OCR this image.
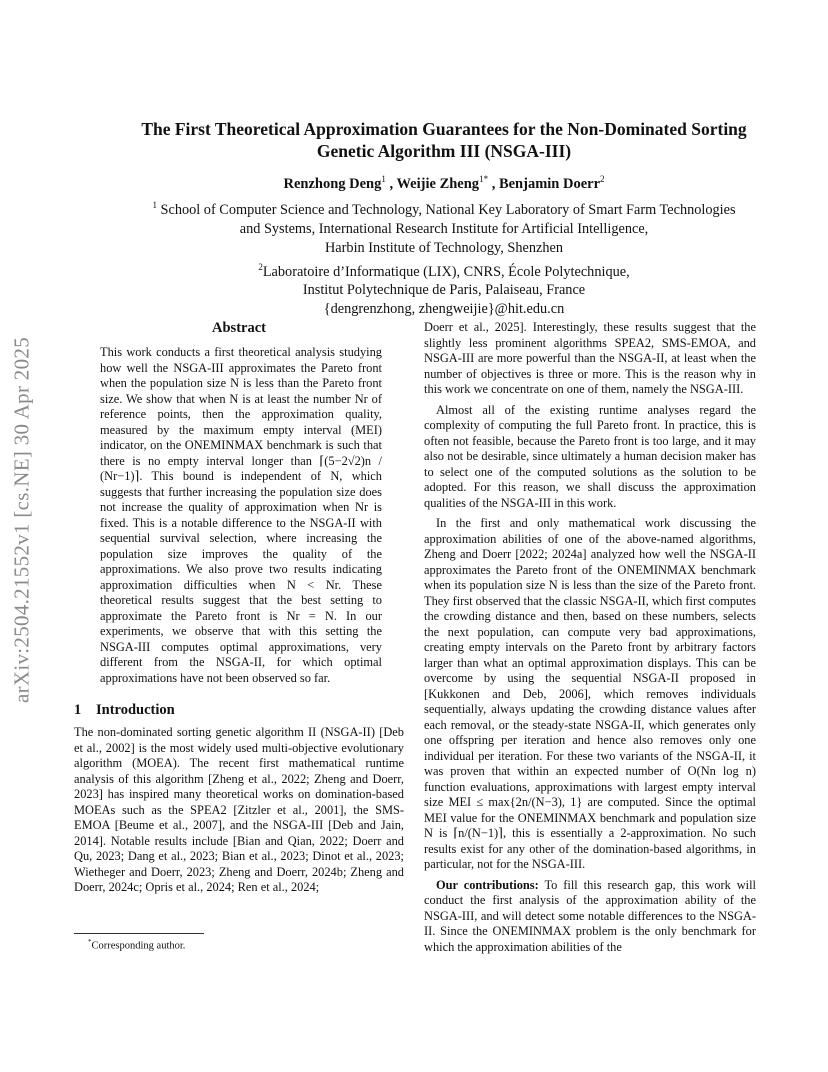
arXiv:2504.21552v1 [cs.NE] 30 Apr 2025

The First Theoretical Approximation Guarantees for the Non-Dominated Sorting

Genetic Algorithm III (NSGA-III)

Renzhong Deng$^1$ , Weijie Zheng$^{1*}$ , Benjamin Doerr$^2$

$^1$ School of Computer Science and Technology, National Key Laboratory of Smart Farm Technologies

and Systems, International Research Institute for Artificial Intelligence,

Harbin Institute of Technology, Shenzhen

$^2$Laboratoire d’Informatique (LIX), CNRS, École Polytechnique,

Institut Polytechnique de Paris, Palaiseau, France

{dengrenzhong, zhengweijie}@hit.edu.cn

Abstract

This work conducts a first theoretical analysis studying how well the NSGA-III approximates the Pareto front when the population size N is less than the Pareto front size. We show that when N is at least the number Nr of reference points, then the approximation quality, measured by the maximum empty interval (MEI) indicator, on the ONEMINMAX benchmark is such that there is no empty interval longer than ⌈(5−2√2)n / (Nr−1)⌉. This bound is independent of N, which suggests that further increasing the population size does not increase the quality of approximation when Nr is fixed. This is a notable difference to the NSGA-II with sequential survival selection, where increasing the population size improves the quality of the approximations. We also prove two results indicating approximation difficulties when N < Nr. These theoretical results suggest that the best setting to approximate the Pareto front is Nr = N. In our experiments, we observe that with this setting the NSGA-III computes optimal approximations, very different from the NSGA-II, for which optimal approximations have not been observed so far.

1 Introduction

The non-dominated sorting genetic algorithm II (NSGA-II) [Deb et al., 2002] is the most widely used multi-objective evolutionary algorithm (MOEA). The recent first mathematical runtime analysis of this algorithm [Zheng et al., 2022; Zheng and Doerr, 2023] has inspired many theoretical works on domination-based MOEAs such as the SPEA2 [Zitzler et al., 2001], the SMS-EMOA [Beume et al., 2007], and the NSGA-III [Deb and Jain, 2014]. Notable results include [Bian and Qian, 2022; Doerr and Qu, 2023; Dang et al., 2023; Bian et al., 2023; Dinot et al., 2023; Wietheger and Doerr, 2023; Zheng and Doerr, 2024b; Zheng and Doerr, 2024c; Opris et al., 2024; Ren et al., 2024;

Doerr et al., 2025]. Interestingly, these results suggest that the slightly less prominent algorithms SPEA2, SMS-EMOA, and NSGA-III are more powerful than the NSGA-II, at least when the number of objectives is three or more. This is the reason why in this work we concentrate on one of them, namely the NSGA-III.

Almost all of the existing runtime analyses regard the complexity of computing the full Pareto front. In practice, this is often not feasible, because the Pareto front is too large, and it may also not be desirable, since ultimately a human decision maker has to select one of the computed solutions as the solution to be adopted. For this reason, we shall discuss the approximation qualities of the NSGA-III in this work.

In the first and only mathematical work discussing the approximation abilities of one of the above-named algorithms, Zheng and Doerr [2022; 2024a] analyzed how well the NSGA-II approximates the Pareto front of the ONEMINMAX benchmark when its population size N is less than the size of the Pareto front. They first observed that the classic NSGA-II, which first computes the crowding distance and then, based on these numbers, selects the next population, can compute very bad approximations, creating empty intervals on the Pareto front by arbitrary factors larger than what an optimal approximation displays. This can be overcome by using the sequential NSGA-II proposed in [Kukkonen and Deb, 2006], which removes individuals sequentially, always updating the crowding distance values after each removal, or the steady-state NSGA-II, which generates only one offspring per iteration and hence also removes only one individual per iteration. For these two variants of the NSGA-II, it was proven that within an expected number of O(Nn log n) function evaluations, approximations with largest empty interval size MEI ≤ max{2n/(N−3), 1} are computed. Since the optimal MEI value for the ONEMINMAX benchmark and population size N is ⌈n/(N−1)⌉, this is essentially a 2-approximation. No such results exist for any other of the domination-based algorithms, in particular, not for the NSGA-III.

Our contributions: To fill this research gap, this work will conduct the first analysis of the approximation ability of the NSGA-III, and will detect some notable differences to the NSGA-II. Since the ONEMINMAX problem is the only benchmark for which the approximation abilities of the

*Corresponding author.
